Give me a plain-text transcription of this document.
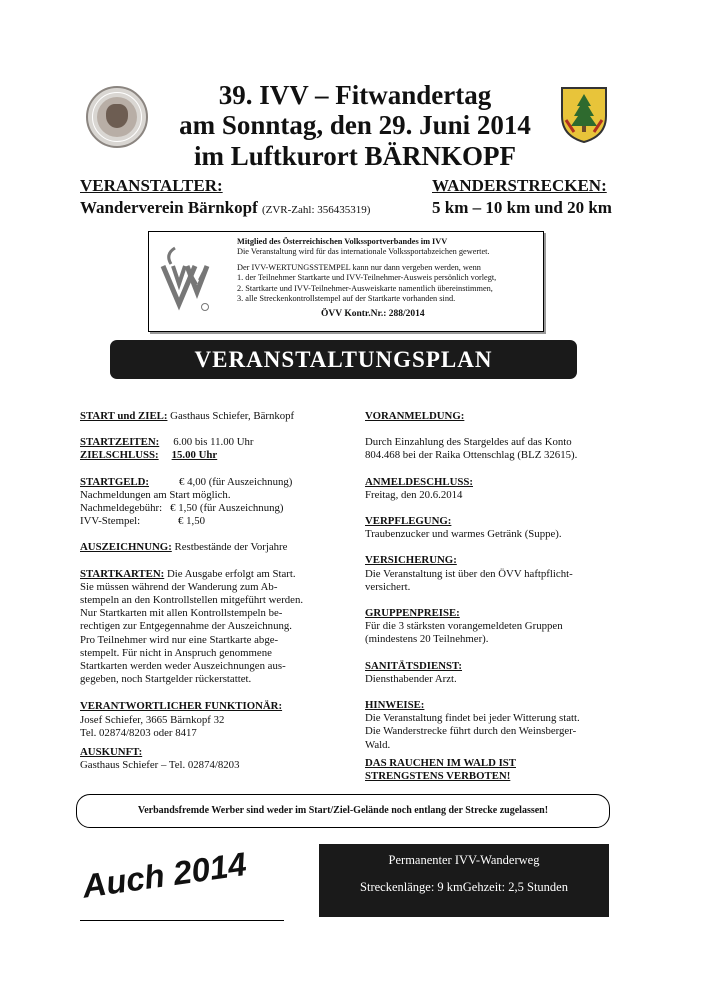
39. IVV – Fitwandertag
am Sonntag, den 29. Juni 2014
im Luftkurort BÄRNKOPF
VERANSTALTER:
Wanderverein Bärnkopf (ZVR-Zahl: 356435319)
WANDERSTRECKEN:
5 km – 10 km und 20 km
Mitglied des Österreichischen Volkssportverbandes im IVV
Die Veranstaltung wird für das internationale Volkssportabzeichen gewertet.
Der IVV-WERTUNGSSTEMPEL kann nur dann vergeben werden, wenn
1. der Teilnehmer Startkarte und IVV-Teilnehmer-Ausweis persönlich vorlegt,
2. Startkarte und IVV-Teilnehmer-Ausweiskarte namentlich übereinstimmen,
3. alle Streckenkontrollstempel auf der Startkarte vorhanden sind.
ÖVV Kontr.Nr.: 288/2014
VERANSTALTUNGSPLAN
START und ZIEL: Gasthaus Schiefer, Bärnkopf
STARTZEITEN: 6.00 bis 11.00 Uhr
ZIELSCHLUSS: 15.00 Uhr
STARTGELD:	€ 4,00 (für Auszeichnung)
Nachmeldungen am Start möglich.
Nachmeldegebühr: € 1,50 (für Auszeichnung)
IVV-Stempel:	€ 1,50
AUSZEICHNUNG: Restbestände der Vorjahre
STARTKARTEN: Die Ausgabe erfolgt am Start.
Sie müssen während der Wanderung zum Ab-
stempeln an den Kontrollstellen mitgeführt werden.
Nur Startkarten mit allen Kontrollstempeln be-
rechtigen zur Entgegennahme der Auszeichnung.
Pro Teilnehmer wird nur eine Startkarte abge-
stempelt. Für nicht in Anspruch genommene
Startkarten werden weder Auszeichnungen aus-
gegeben, noch Startgelder rückerstattet.
VERANTWORTLICHER FUNKTIONÄR:
Josef Schiefer, 3665 Bärnkopf 32
Tel. 02874/8203 oder 8417
AUSKUNFT:
Gasthaus Schiefer – Tel. 02874/8203
VORANMELDUNG:
Durch Einzahlung des Stargeldes auf das Konto
804.468 bei der Raika Ottenschlag (BLZ 32615).
ANMELDESCHLUSS:
Freitag, den 20.6.2014
VERPFLEGUNG:
Traubenzucker und warmes Getränk (Suppe).
VERSICHERUNG:
Die Veranstaltung ist über den ÖVV haftpflicht-
versichert.
GRUPPENPREISE:
Für die 3 stärksten vorangemeldeten Gruppen
(mindestens 20 Teilnehmer).
SANITÄTSDIENST:
Diensthabender Arzt.
HINWEISE:
Die Veranstaltung findet bei jeder Witterung statt.
Die Wanderstrecke führt durch den Weinsberger-
Wald.
DAS RAUCHEN IM WALD IST
STRENGSTENS VERBOTEN!
Verbandsfremde Werber sind weder im Start/Ziel-Gelände noch entlang der Strecke zugelassen!
Auch 2014	Permanenter IVV-Wanderweg
Streckenlänge: 9 kmGehzeit: 2,5 Stunden
